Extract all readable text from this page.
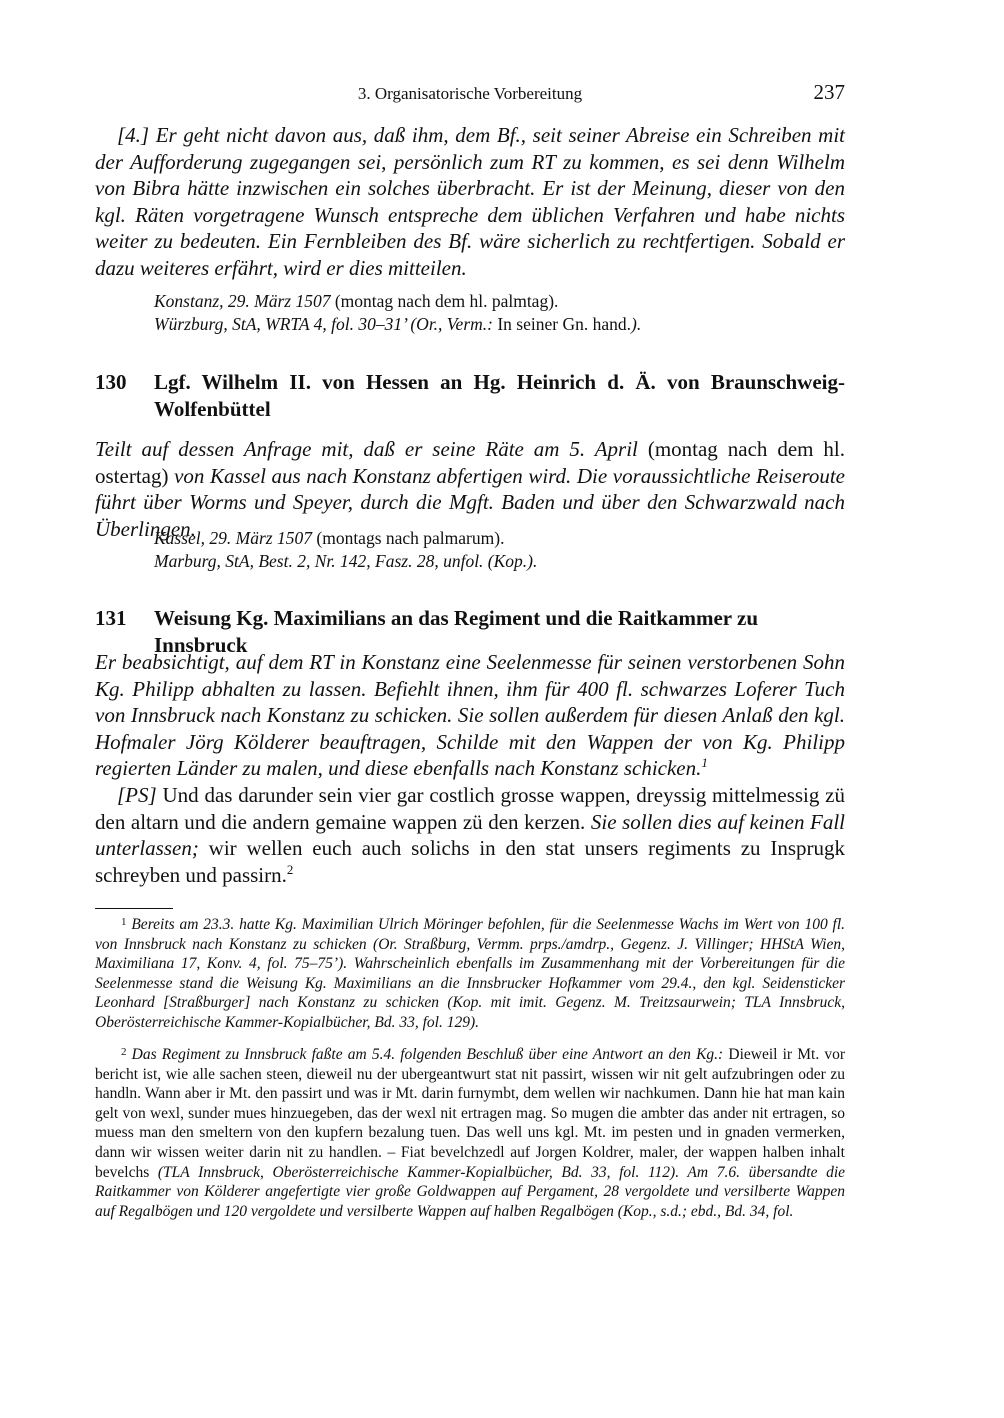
3. Organisatorische Vorbereitung	237

[4.] Er geht nicht davon aus, daß ihm, dem Bf., seit seiner Abreise ein Schreiben mit der Aufforderung zugegangen sei, persönlich zum RT zu kommen, es sei denn Wilhelm von Bibra hätte inzwischen ein solches überbracht. Er ist der Meinung, dieser von den kgl. Räten vorgetragene Wunsch entspreche dem üblichen Verfahren und habe nichts weiter zu bedeuten. Ein Fernbleiben des Bf. wäre sicherlich zu rechtfertigen. Sobald er dazu weiteres erfährt, wird er dies mitteilen.

Konstanz, 29. März 1507 (montag nach dem hl. palmtag).
Würzburg, StA, WRTA 4, fol. 30–31’ (Or., Verm.: In seiner Gn. hand.).
130 Lgf. Wilhelm II. von Hessen an Hg. Heinrich d. Ä. von Braunschweig-
Wolfenbüttel

Teilt auf dessen Anfrage mit, daß er seine Räte am 5. April (montag nach dem hl. ostertag) von Kassel aus nach Konstanz abfertigen wird. Die voraussichtliche Reiseroute führt über Worms und Speyer, durch die Mgft. Baden und über den Schwarzwald nach Überlingen.

Kassel, 29. März 1507 (montags nach palmarum).
Marburg, StA, Best. 2, Nr. 142, Fasz. 28, unfol. (Kop.).
131 Weisung Kg. Maximilians an das Regiment und die Raitkammer zu Innsbruck

Er beabsichtigt, auf dem RT in Konstanz eine Seelenmesse für seinen verstorbenen Sohn Kg. Philipp abhalten zu lassen. Befiehlt ihnen, ihm für 400 fl. schwarzes Loferer Tuch von Innsbruck nach Konstanz zu schicken. Sie sollen außerdem für diesen Anlaß den kgl. Hofmaler Jörg Kölderer beauftragen, Schilde mit den Wappen der von Kg. Philipp regierten Länder zu malen, und diese ebenfalls nach Konstanz schicken.$^1$

[PS] Und das darunder sein vier gar costlich grosse wappen, dreyssig mittelmessig zü den altarn und die andern gemaine wappen zü den kerzen. Sie sollen dies auf keinen Fall unterlassen; wir wellen euch auch solichs in den stat unsers regiments zu Insprugk schreyben und passirn.$^2$

$^1$ Bereits am 23.3. hatte Kg. Maximilian Ulrich Möringer befohlen, für die Seelenmesse Wachs im Wert von 100 fl. von Innsbruck nach Konstanz zu schicken (Or. Straßburg, Vermm. prps./amdrp., Gegenz. J. Villinger; HHStA Wien, Maximiliana 17, Konv. 4, fol. 75–75’). Wahrscheinlich ebenfalls im Zusammenhang mit der Vorbereitungen für die Seelenmesse stand die Weisung Kg. Maximilians an die Innsbrucker Hofkammer vom 29.4., den kgl. Seidensticker Leonhard [Straßburger] nach Konstanz zu schicken (Kop. mit imit. Gegenz. M. Treitzsaurwein; TLA Innsbruck, Oberösterreichische Kammer-Kopialbücher, Bd. 33, fol. 129).

$^2$ Das Regiment zu Innsbruck faßte am 5.4. folgenden Beschluß über eine Antwort an den Kg.: Dieweil ir Mt. vor bericht ist, wie alle sachen steen, dieweil nu der ubergeantwurt stat nit passirt, wissen wir nit gelt aufzubringen oder zu handln. Wann aber ir Mt. den passirt und was ir Mt. darin furnymbt, dem wellen wir nachkumen. Dann hie hat man kain gelt von wexl, sunder mues hinzuegeben, das der wexl nit ertragen mag. So mugen die ambter das ander nit ertragen, so muess man den smeltern von den kupfern bezalung tuen. Das well uns kgl. Mt. im pesten und in gnaden vermerken, dann wir wissen weiter darin nit zu handlen. – Fiat bevelchzedl auf Jorgen Koldrer, maler, der wappen halben inhalt bevelchs (TLA Innsbruck, Oberösterreichische Kammer-Kopialbücher, Bd. 33, fol. 112). Am 7.6. übersandte die Raitkammer von Kölderer angefertigte vier große Goldwappen auf Pergament, 28 vergoldete und versilberte Wappen auf Regalbögen und 120 vergoldete und versilberte Wappen auf halben Regalbögen (Kop., s.d.; ebd., Bd. 34, fol.
